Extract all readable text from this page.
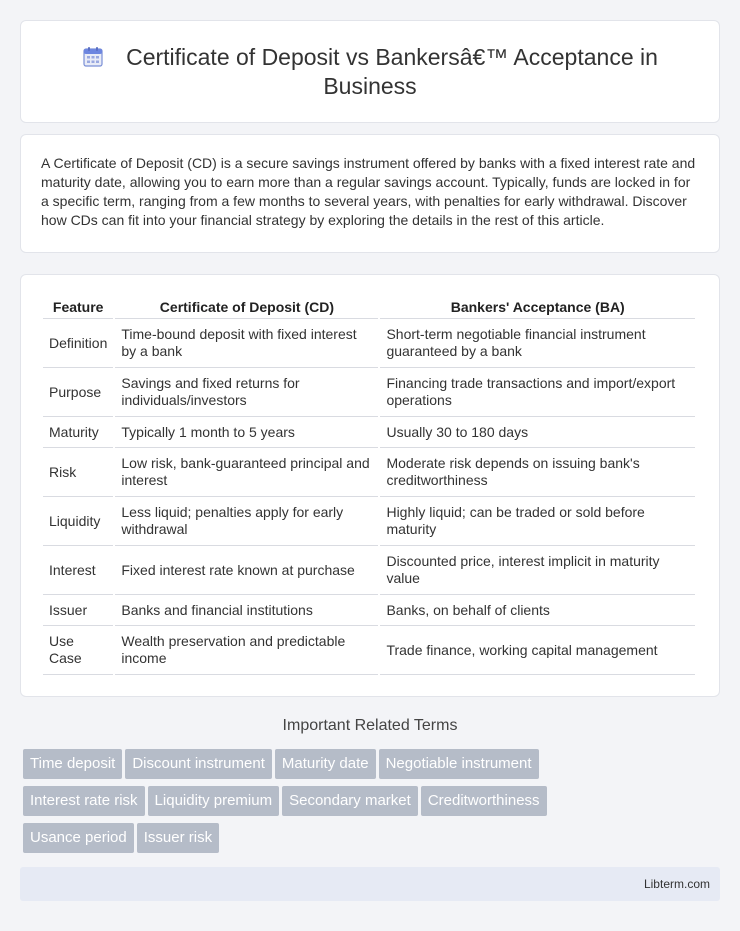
Certificate of Deposit vs Bankersâ€™ Acceptance in Business

A Certificate of Deposit (CD) is a secure savings instrument offered by banks with a fixed interest rate and maturity date, allowing you to earn more than a regular savings account. Typically, funds are locked in for a specific term, ranging from a few months to several years, with penalties for early withdrawal. Discover how CDs can fit into your financial strategy by exploring the details in the rest of this article.

Feature	Certificate of Deposit (CD)	Bankers' Acceptance (BA)
Definition	Time-bound deposit with fixed interest by a bank	Short-term negotiable financial instrument guaranteed by a bank
Purpose	Savings and fixed returns for individuals/investors	Financing trade transactions and import/export operations
Maturity	Typically 1 month to 5 years	Usually 30 to 180 days
Risk	Low risk, bank-guaranteed principal and interest	Moderate risk depends on issuing bank's creditworthiness
Liquidity	Less liquid; penalties apply for early withdrawal	Highly liquid; can be traded or sold before maturity
Interest	Fixed interest rate known at purchase	Discounted price, interest implicit in maturity value
Issuer	Banks and financial institutions	Banks, on behalf of clients
Use Case	Wealth preservation and predictable income	Trade finance, working capital management
Important Related Terms
Time deposit Discount instrument Maturity date Negotiable instrument
Interest rate risk Liquidity premium Secondary market Creditworthiness
Usance period Issuer risk
Libterm.com
